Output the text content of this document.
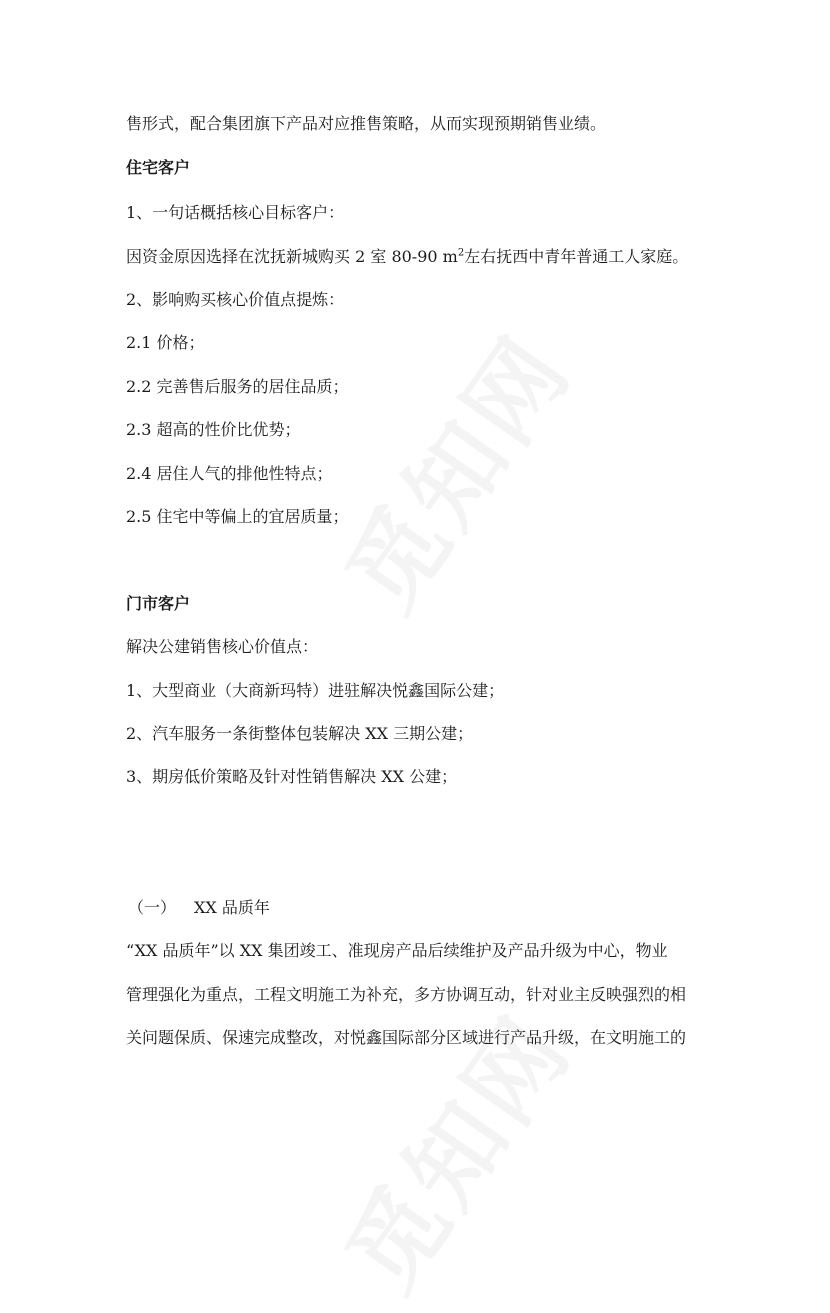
售形式，配合集团旗下产品对应推售策略，从而实现预期销售业绩。
住宅客户
1、一句话概括核心目标客户：
因资金原因选择在沈抚新城购买 2 室 80-90 $m^2$左右抚西中青年普通工人家庭。
2、影响购买核心价值点提炼：
2.1 价格；
2.2 完善售后服务的居住品质；
2.3 超高的性价比优势；
2.4 居住人气的排他性特点；
2.5 住宅中等偏上的宜居质量；
门市客户
解决公建销售核心价值点：
1、大型商业（大商新玛特）进驻解决悦鑫国际公建；
2、汽车服务一条街整体包装解决 XX 三期公建；
3、期房低价策略及针对性销售解决 XX 公建；
（一） XX 品质年
“XX 品质年”以 XX 集团竣工、准现房产品后续维护及产品升级为中心，物业
管理强化为重点，工程文明施工为补充，多方协调互动，针对业主反映强烈的相
关问题保质、保速完成整改，对悦鑫国际部分区域进行产品升级，在文明施工的
